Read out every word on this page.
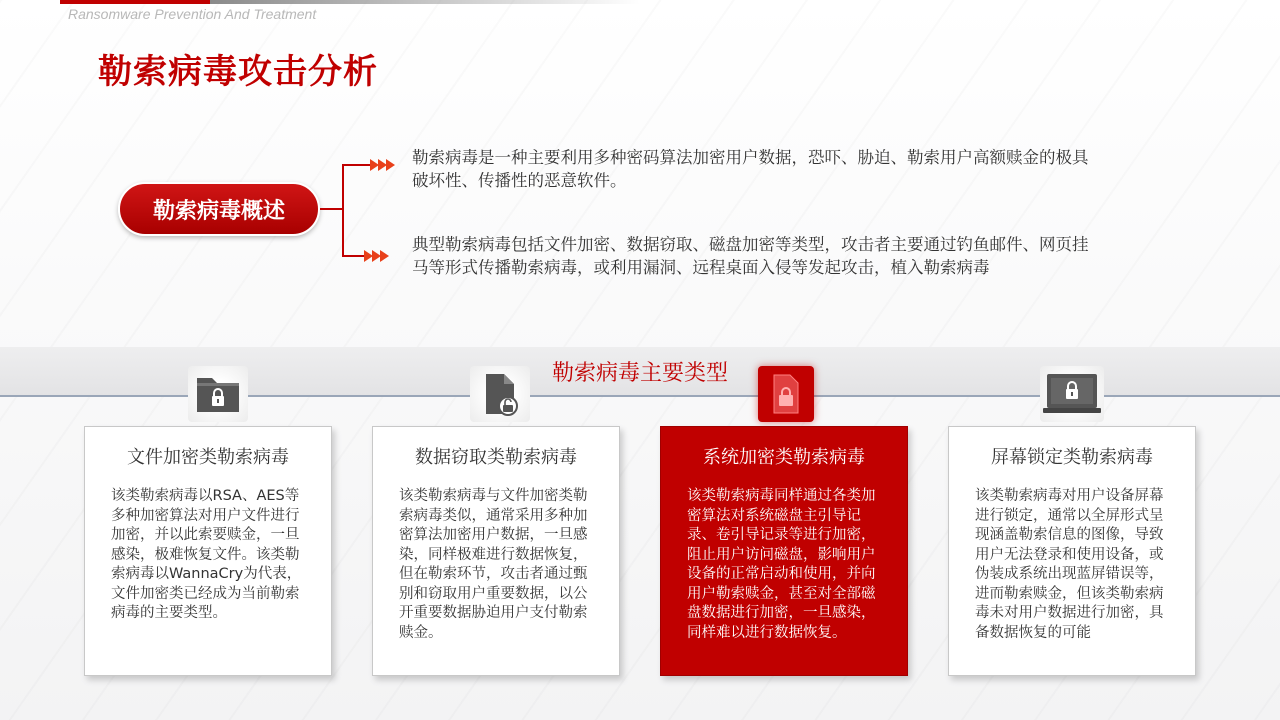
Ransomware Prevention And Treatment
勒索病毒攻击分析
勒索病毒概述
勒索病毒是一种主要利用多种密码算法加密用户数据，恐吓、胁迫、勒索用户高额赎金的极具破坏性、传播性的恶意软件。
典型勒索病毒包括文件加密、数据窃取、磁盘加密等类型，攻击者主要通过钓鱼邮件、网页挂马等形式传播勒索病毒，或利用漏洞、远程桌面入侵等发起攻击，植入勒索病毒
勒索病毒主要类型
文件加密类勒索病毒
该类勒索病毒以RSA、AES等多种加密算法对用户文件进行加密，并以此索要赎金，一旦感染，极难恢复文件。该类勒索病毒以WannaCry为代表，文件加密类已经成为当前勒索病毒的主要类型。
数据窃取类勒索病毒
该类勒索病毒与文件加密类勒索病毒类似，通常采用多种加密算法加密用户数据，一旦感染，同样极难进行数据恢复，但在勒索环节，攻击者通过甄别和窃取用户重要数据，以公开重要数据胁迫用户支付勒索赎金。
系统加密类勒索病毒
该类勒索病毒同样通过各类加密算法对系统磁盘主引导记录、卷引导记录等进行加密，阻止用户访问磁盘，影响用户设备的正常启动和使用，并向用户勒索赎金，甚至对全部磁盘数据进行加密，一旦感染，同样难以进行数据恢复。
屏幕锁定类勒索病毒
该类勒索病毒对用户设备屏幕进行锁定，通常以全屏形式呈现涵盖勒索信息的图像，导致用户无法登录和使用设备，或伪装成系统出现蓝屏错误等，进而勒索赎金，但该类勒索病毒未对用户数据进行加密，具备数据恢复的可能
